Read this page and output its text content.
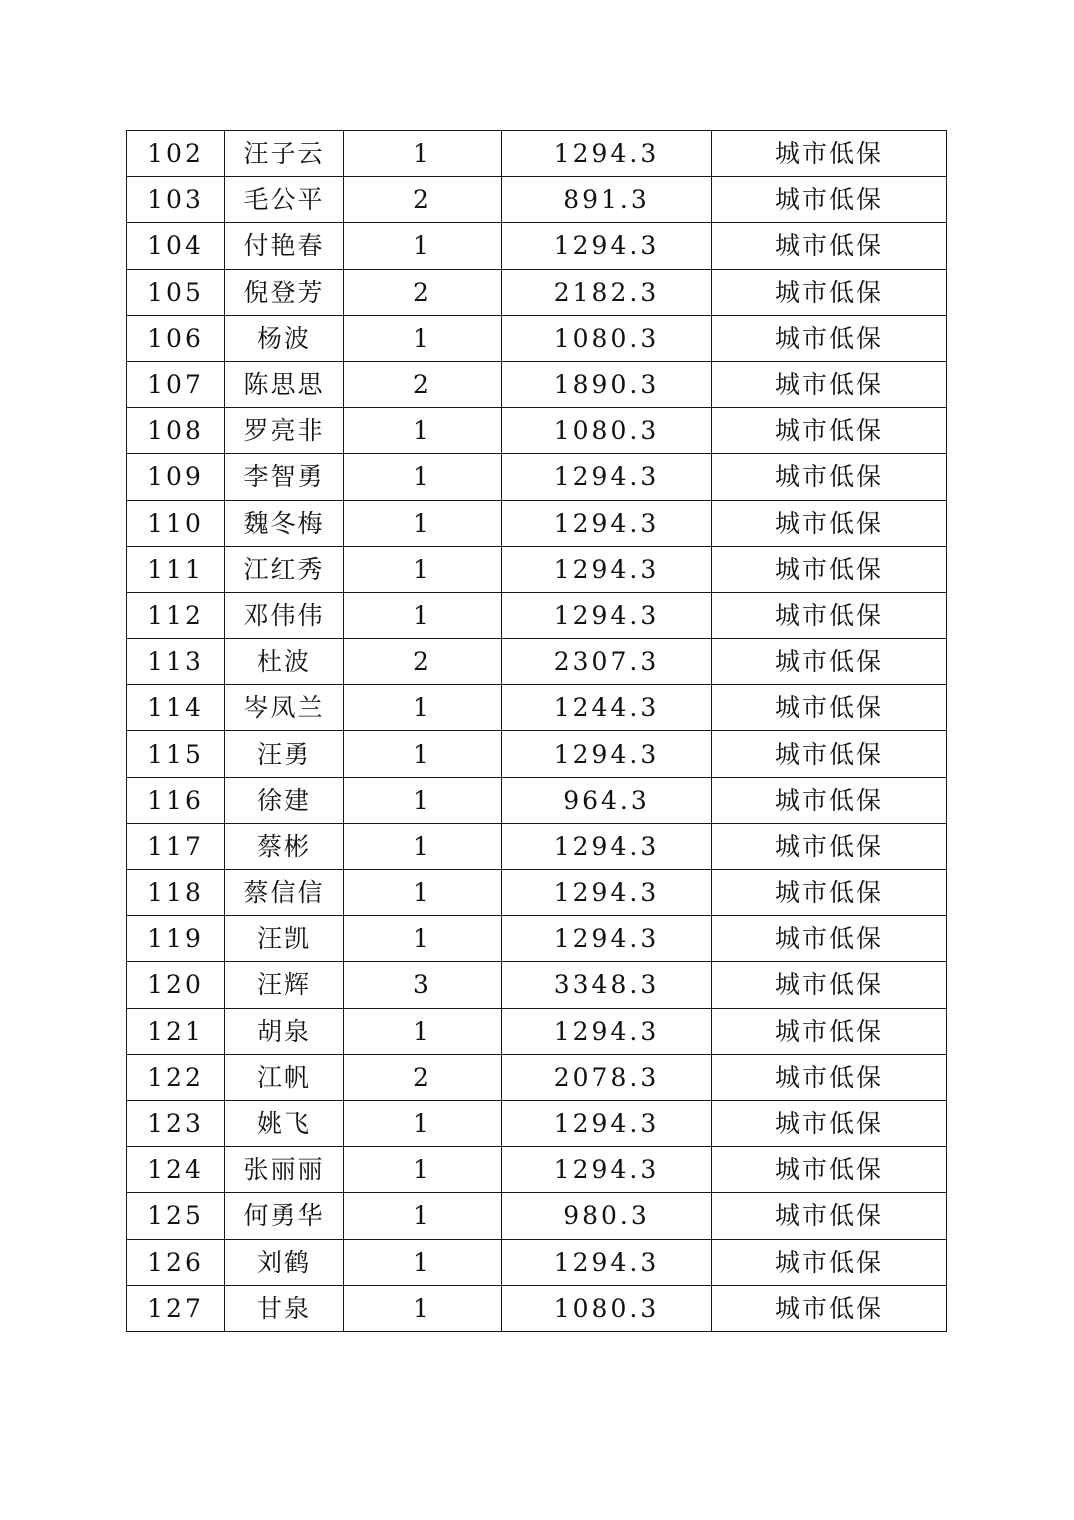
102	汪子云	1	1294.3	城市低保
103	毛公平	2	891.3	城市低保
104	付艳春	1	1294.3	城市低保
105	倪登芳	2	2182.3	城市低保
106	杨波	1	1080.3	城市低保
107	陈思思	2	1890.3	城市低保
108	罗亮非	1	1080.3	城市低保
109	李智勇	1	1294.3	城市低保
110	魏冬梅	1	1294.3	城市低保
111	江红秀	1	1294.3	城市低保
112	邓伟伟	1	1294.3	城市低保
113	杜波	2	2307.3	城市低保
114	岑凤兰	1	1244.3	城市低保
115	汪勇	1	1294.3	城市低保
116	徐建	1	964.3	城市低保
117	蔡彬	1	1294.3	城市低保
118	蔡信信	1	1294.3	城市低保
119	汪凯	1	1294.3	城市低保
120	汪辉	3	3348.3	城市低保
121	胡泉	1	1294.3	城市低保
122	江帆	2	2078.3	城市低保
123	姚飞	1	1294.3	城市低保
124	张丽丽	1	1294.3	城市低保
125	何勇华	1	980.3	城市低保
126	刘鹤	1	1294.3	城市低保
127	甘泉	1	1080.3	城市低保
